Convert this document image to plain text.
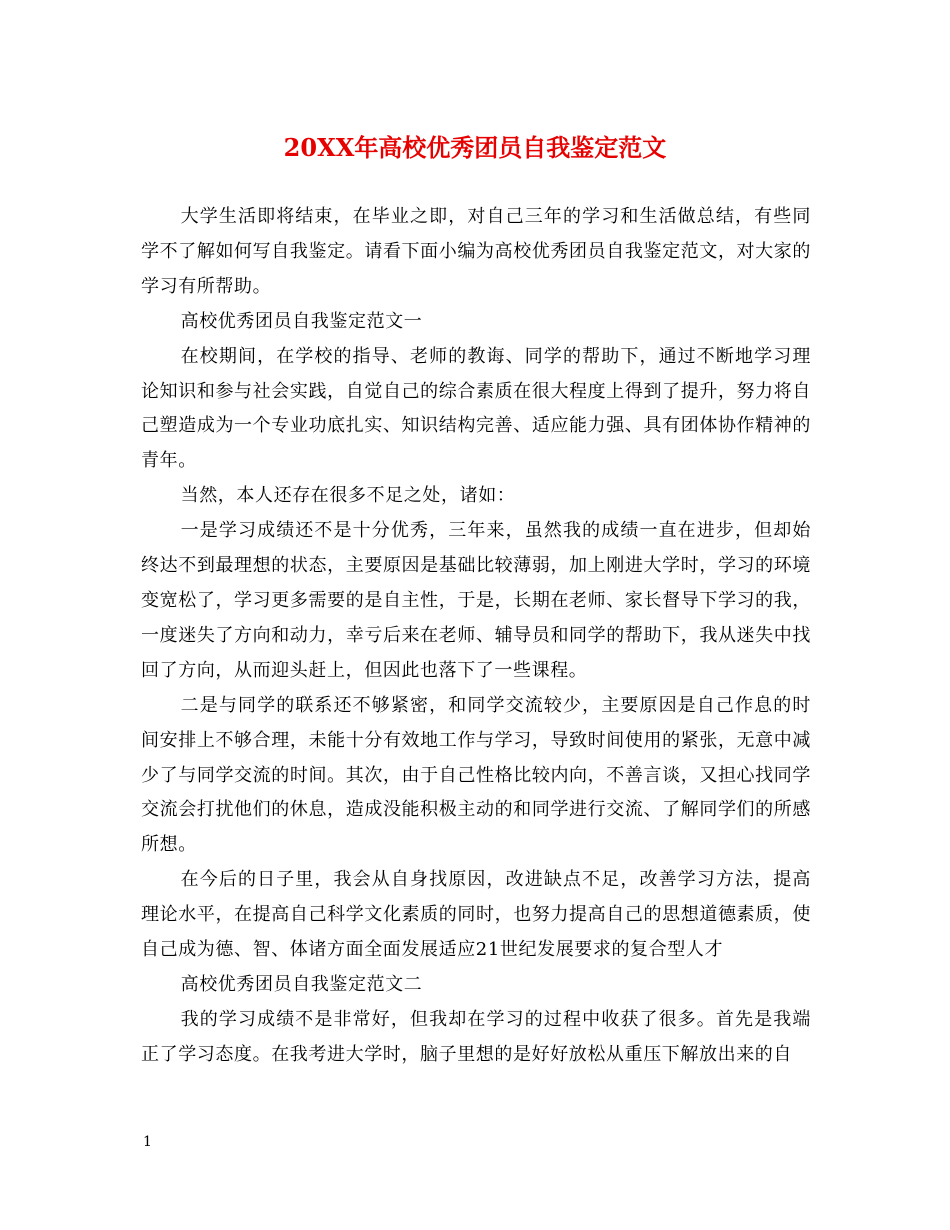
20XX年高校优秀团员自我鉴定范文

大学生活即将结束，在毕业之即，对自己三年的学习和生活做总结，有些同学不了解如何写自我鉴定。请看下面小编为高校优秀团员自我鉴定范文，对大家的学习有所帮助。

高校优秀团员自我鉴定范文一

在校期间，在学校的指导、老师的教诲、同学的帮助下，通过不断地学习理论知识和参与社会实践，自觉自己的综合素质在很大程度上得到了提升，努力将自己塑造成为一个专业功底扎实、知识结构完善、适应能力强、具有团体协作精神的青年。

当然，本人还存在很多不足之处，诸如：

一是学习成绩还不是十分优秀，三年来，虽然我的成绩一直在进步，但却始终达不到最理想的状态，主要原因是基础比较薄弱，加上刚进大学时，学习的环境变宽松了，学习更多需要的是自主性，于是，长期在老师、家长督导下学习的我，一度迷失了方向和动力，幸亏后来在老师、辅导员和同学的帮助下，我从迷失中找回了方向，从而迎头赶上，但因此也落下了一些课程。

二是与同学的联系还不够紧密，和同学交流较少，主要原因是自己作息的时间安排上不够合理，未能十分有效地工作与学习，导致时间使用的紧张，无意中减少了与同学交流的时间。其次，由于自己性格比较内向，不善言谈，又担心找同学交流会打扰他们的休息，造成没能积极主动的和同学进行交流、了解同学们的所感所想。

在今后的日子里，我会从自身找原因，改进缺点不足，改善学习方法，提高理论水平，在提高自己科学文化素质的同时，也努力提高自己的思想道德素质，使自己成为德、智、体诸方面全面发展适应21世纪发展要求的复合型人才

高校优秀团员自我鉴定范文二

我的学习成绩不是非常好，但我却在学习的过程中收获了很多。首先是我端正了学习态度。在我考进大学时，脑子里想的是好好放松从重压下解放出来的自

1
